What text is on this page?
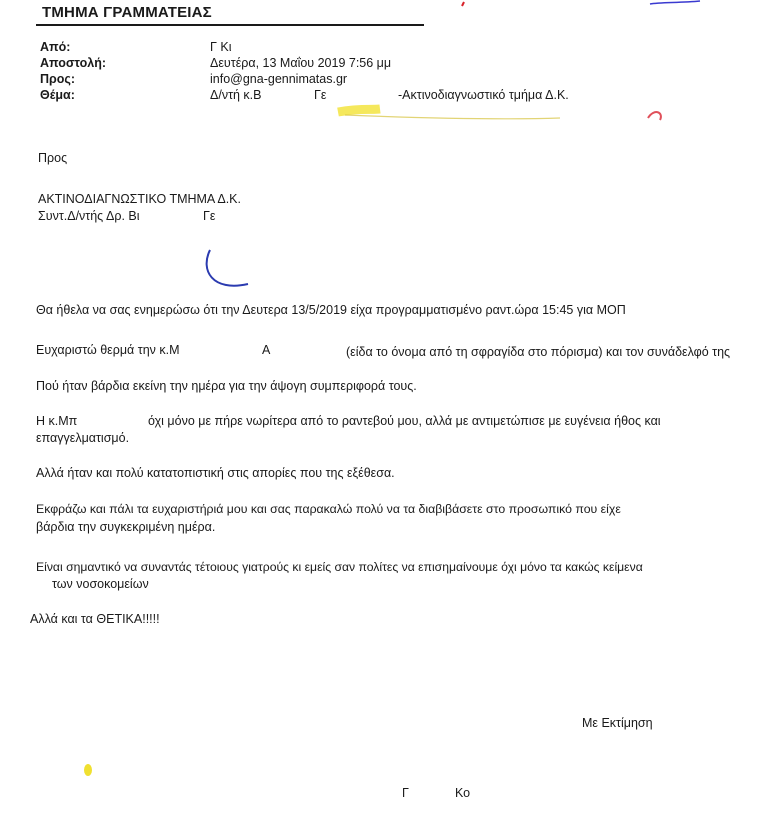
ΤΜΗΜΑ ΓΡΑΜΜΑΤΕΙΑΣ
Από:	Γ Κι
Αποστολή:	Δευτέρα, 13 Μαΐου 2019 7:56 μμ
Προς:	info@gna-gennimatas.gr
Θέμα:	Δ/ντή κ.Β	Γε	-Ακτινοδιαγνωστικό τμήμα Δ.Κ.
Προς
ΑΚΤΙΝΟΔΙΑΓΝΩΣΤΙΚΟ ΤΜΗΜΑ Δ.Κ.
Συντ.Δ/ντής Δρ. Βι	Γε
Θα ήθελα να σας ενημερώσω ότι την Δευτερα 13/5/2019 είχα προγραμματισμένο ραντ.ώρα 15:45 για ΜΟΠ
Ευχαριστώ θερμά την κ.Μ	Α	(είδα το όνομα από τη σφραγίδα στο πόρισμα) και τον συνάδελφό της
Πού ήταν βάρδια εκείνη την ημέρα για την άψογη συμπεριφορά τους.
Η κ.Μπ	όχι μόνο με πήρε νωρίτερα από το ραντεβού μου, αλλά με αντιμετώπισε με ευγένεια ήθος και
επαγγελματισμό.
Αλλά ήταν και πολύ κατατοπιστική στις απορίες που της εξέθεσα.
Εκφράζω και πάλι τα ευχαριστήριά μου και σας παρακαλώ πολύ να τα διαβιβάσετε στο προσωπικό που είχε
βάρδια την συγκεκριμένη ημέρα.
Είναι σημαντικό να συναντάς τέτοιους γιατρούς κι εμείς σαν πολίτες να επισημαίνουμε όχι μόνο τα κακώς κείμενα
των νοσοκομείων
Αλλά και τα ΘΕΤΙΚΑ!!!!!
Με Εκτίμηση
Γ	Κο
